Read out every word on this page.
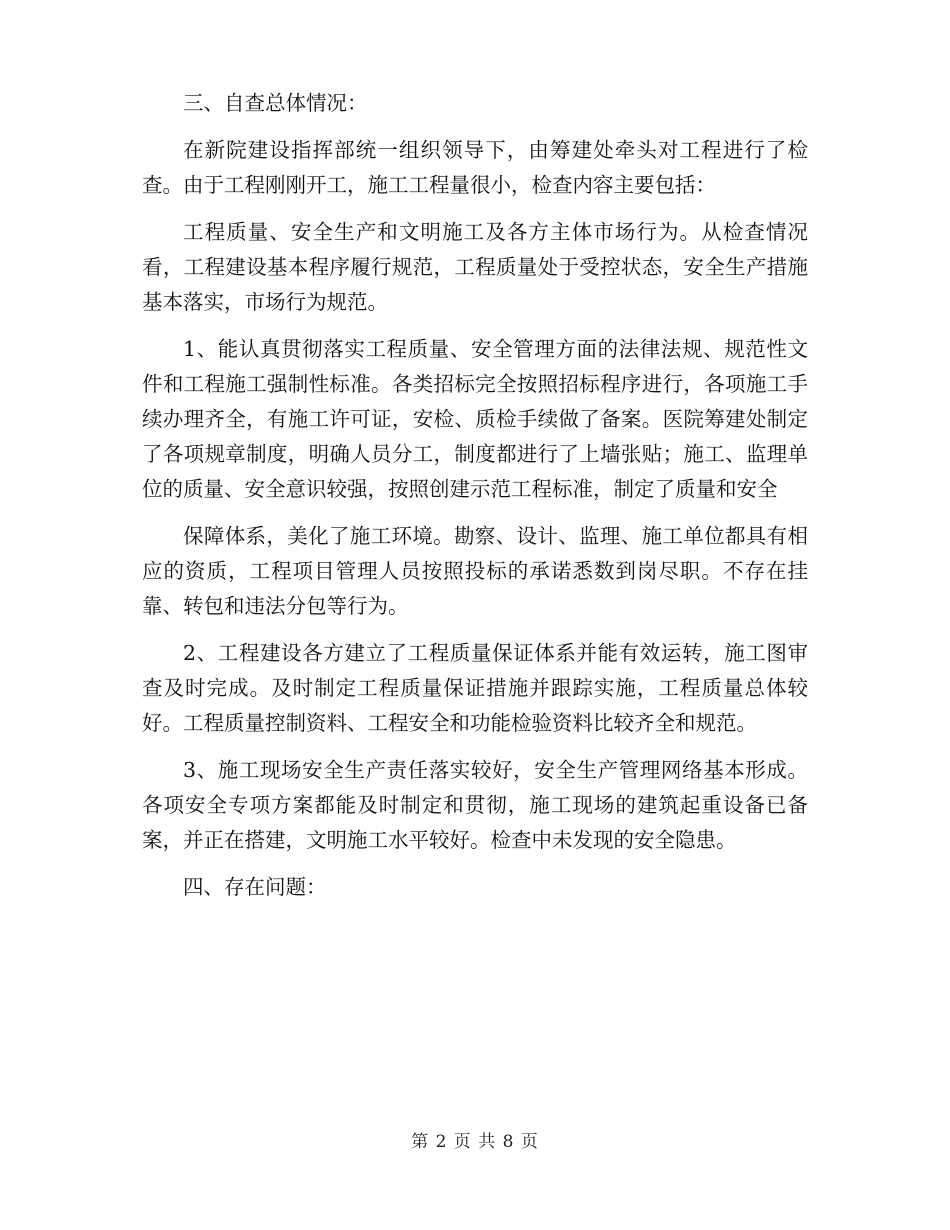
三、自查总体情况：

在新院建设指挥部统一组织领导下，由筹建处牵头对工程进行了检查。由于工程刚刚开工，施工工程量很小，检查内容主要包括：

工程质量、安全生产和文明施工及各方主体市场行为。从检查情况看，工程建设基本程序履行规范，工程质量处于受控状态，安全生产措施基本落实，市场行为规范。

1、能认真贯彻落实工程质量、安全管理方面的法律法规、规范性文件和工程施工强制性标准。各类招标完全按照招标程序进行，各项施工手续办理齐全，有施工许可证，安检、质检手续做了备案。医院筹建处制定了各项规章制度，明确人员分工，制度都进行了上墙张贴；施工、监理单位的质量、安全意识较强，按照创建示范工程标准，制定了质量和安全

保障体系，美化了施工环境。勘察、设计、监理、施工单位都具有相应的资质，工程项目管理人员按照投标的承诺悉数到岗尽职。不存在挂靠、转包和违法分包等行为。

2、工程建设各方建立了工程质量保证体系并能有效运转，施工图审查及时完成。及时制定工程质量保证措施并跟踪实施，工程质量总体较好。工程质量控制资料、工程安全和功能检验资料比较齐全和规范。

3、施工现场安全生产责任落实较好，安全生产管理网络基本形成。各项安全专项方案都能及时制定和贯彻，施工现场的建筑起重设备已备案，并正在搭建，文明施工水平较好。检查中未发现的安全隐患。

四、存在问题：

第 2 页 共 8 页
